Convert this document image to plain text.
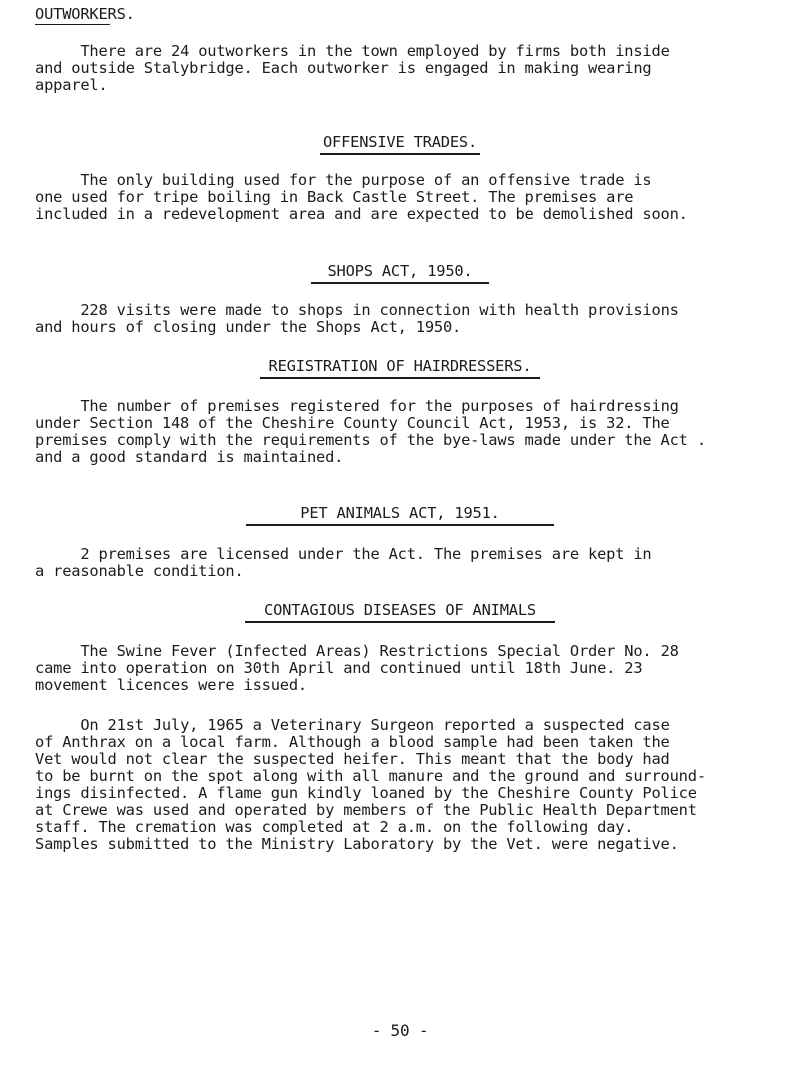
OUTWORKERS.

There are 24 outworkers in the town employed by firms both inside
and outside Stalybridge. Each outworker is engaged in making wearing
apparel.

OFFENSIVE TRADES.

The only building used for the purpose of an offensive trade is
one used for tripe boiling in Back Castle Street. The premises are
included in a redevelopment area and are expected to be demolished soon.

SHOPS ACT, 1950.

228 visits were made to shops in connection with health provisions
and hours of closing under the Shops Act, 1950.

REGISTRATION OF HAIRDRESSERS.

The number of premises registered for the purposes of hairdressing
under Section 148 of the Cheshire County Council Act, 1953, is 32. The
premises comply with the requirements of the bye-laws made under the Act .
and a good standard is maintained.

PET ANIMALS ACT, 1951.

2 premises are licensed under the Act. The premises are kept in
a reasonable condition.

CONTAGIOUS DISEASES OF ANIMALS

The Swine Fever (Infected Areas) Restrictions Special Order No. 28
came into operation on 30th April and continued until 18th June. 23
movement licences were issued.

On 21st July, 1965 a Veterinary Surgeon reported a suspected case
of Anthrax on a local farm. Although a blood sample had been taken the
Vet would not clear the suspected heifer. This meant that the body had
to be burnt on the spot along with all manure and the ground and surround-
ings disinfected. A flame gun kindly loaned by the Cheshire County Police
at Crewe was used and operated by members of the Public Health Department
staff. The cremation was completed at 2 a.m. on the following day.
Samples submitted to the Ministry Laboratory by the Vet. were negative.

- 50 -
